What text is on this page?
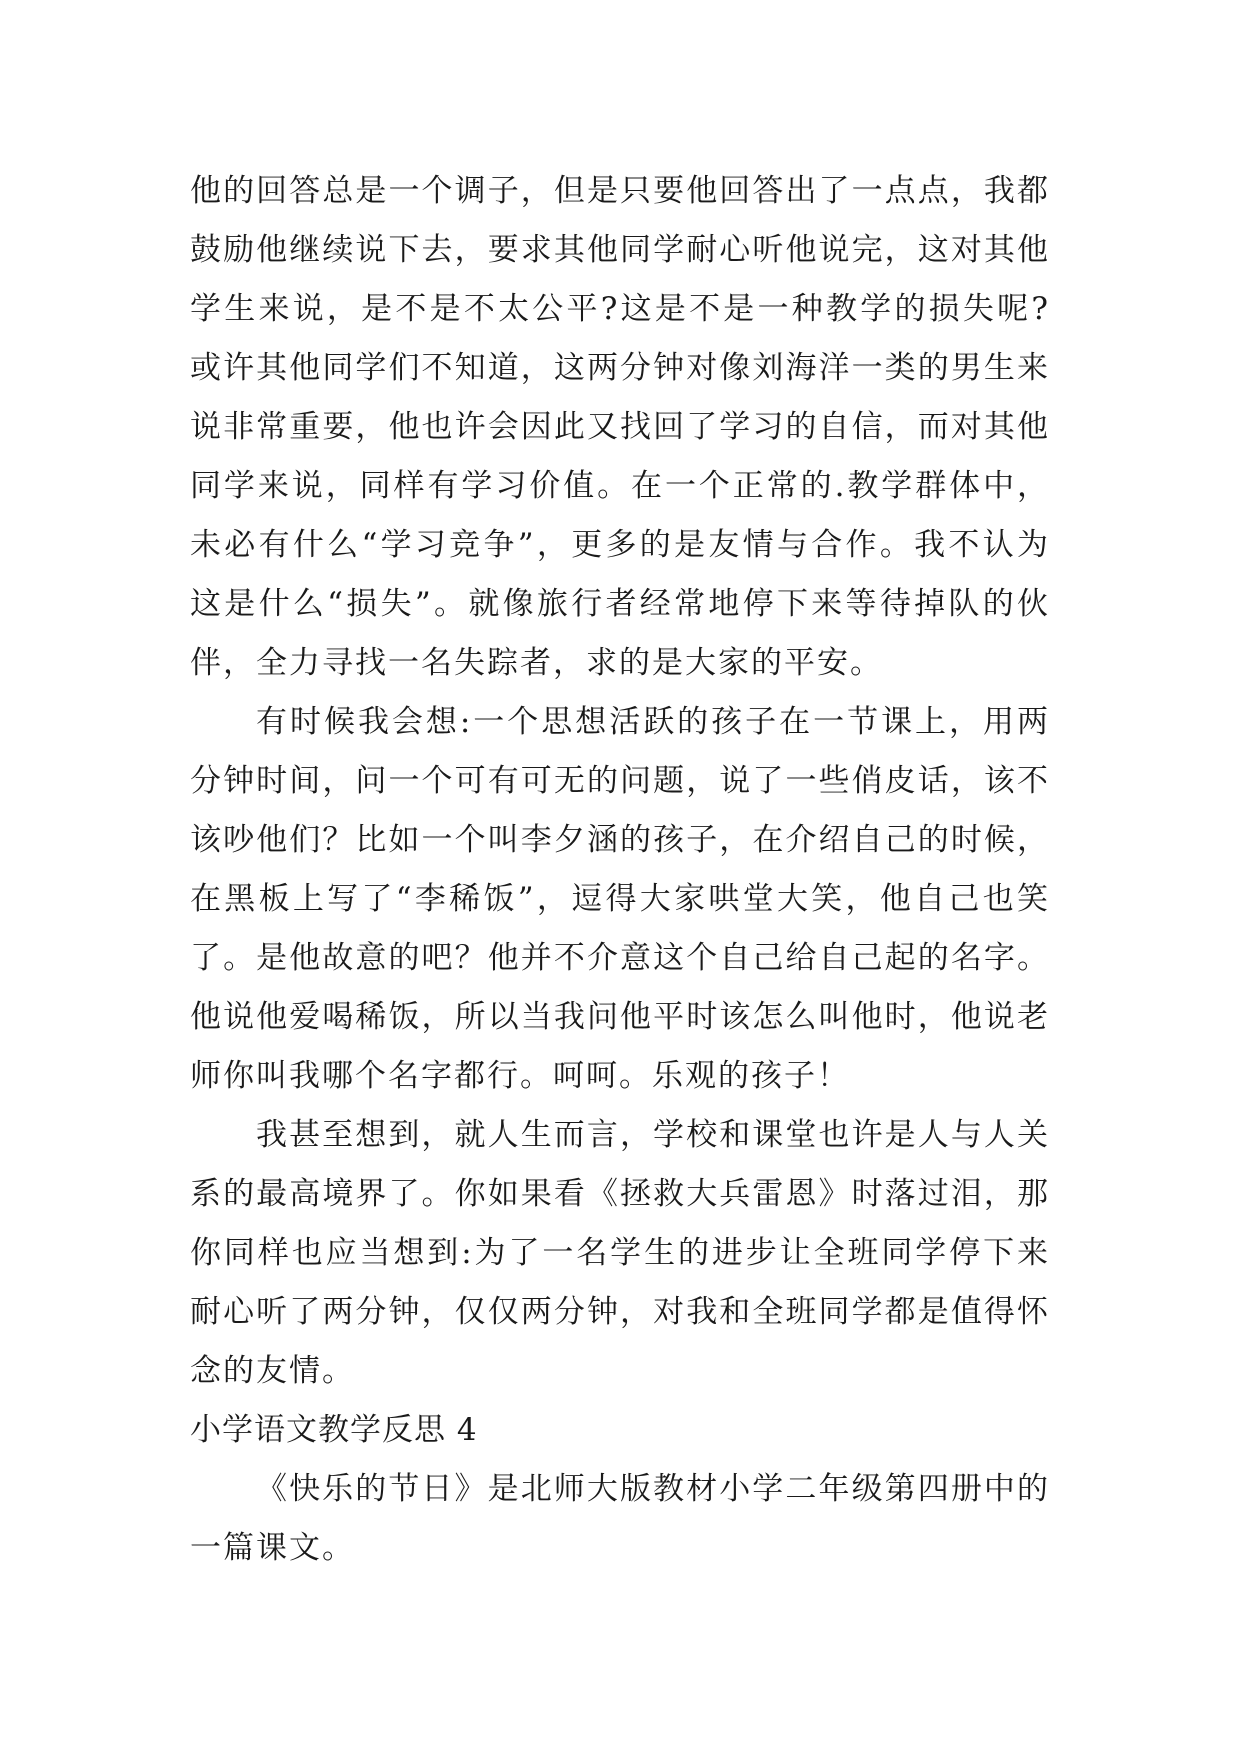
他的回答总是一个调子，但是只要他回答出了一点点，我都鼓励他继续说下去，要求其他同学耐心听他说完，这对其他学生来说，是不是不太公平?这是不是一种教学的损失呢?或许其他同学们不知道，这两分钟对像刘海洋一类的男生来说非常重要，他也许会因此又找回了学习的自信，而对其他同学来说，同样有学习价值。在一个正常的.教学群体中，未必有什么“学习竞争”，更多的是友情与合作。我不认为这是什么“损失”。就像旅行者经常地停下来等待掉队的伙伴，全力寻找一名失踪者，求的是大家的平安。

有时候我会想:一个思想活跃的孩子在一节课上，用两分钟时间，问一个可有可无的问题，说了一些俏皮话，该不该吵他们？比如一个叫李夕涵的孩子，在介绍自己的时候，在黑板上写了“李稀饭”，逗得大家哄堂大笑，他自己也笑了。是他故意的吧？他并不介意这个自己给自己起的名字。他说他爱喝稀饭，所以当我问他平时该怎么叫他时，他说老师你叫我哪个名字都行。呵呵。乐观的孩子！

我甚至想到，就人生而言，学校和课堂也许是人与人关系的最高境界了。你如果看《拯救大兵雷恩》时落过泪，那你同样也应当想到:为了一名学生的进步让全班同学停下来耐心听了两分钟，仅仅两分钟，对我和全班同学都是值得怀念的友情。

小学语文教学反思 4

《快乐的节日》是北师大版教材小学二年级第四册中的一篇课文。
